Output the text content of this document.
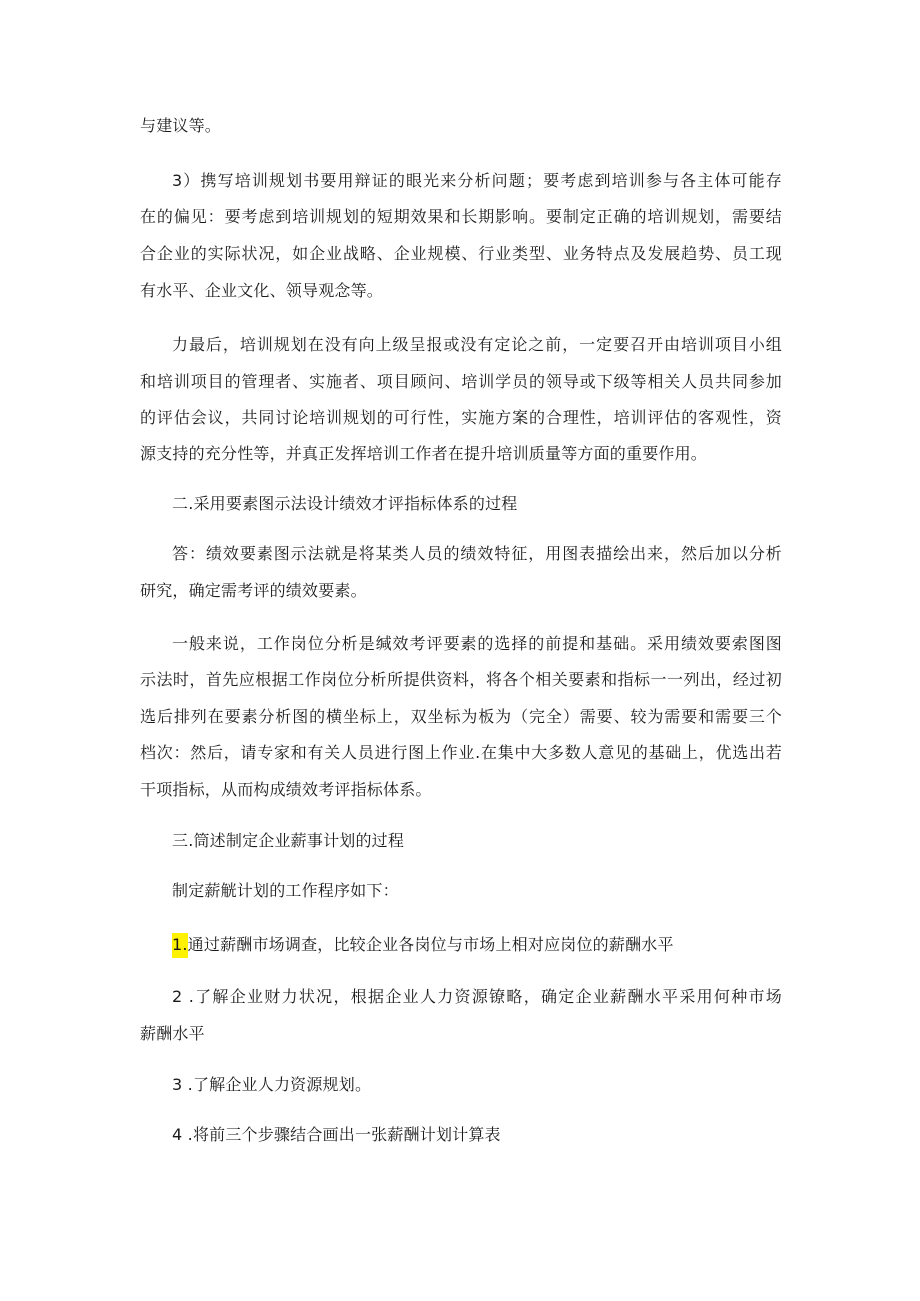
与建议等。
3）携写培训规划书要用辩证的眼光来分析问题；要考虑到培训参与各主体可能存
在的偏见：要考虑到培训规划的短期效果和长期影响。要制定正确的培训规划，需要结
合企业的实际状况，如企业战略、企业规模、行业类型、业务特点及发展趋势、员工现
有水平、企业文化、领导观念等。
力最后，培训规划在没有向上级呈报或没有定论之前，一定要召开由培训项目小组
和培训项目的管理者、实施者、项目顾问、培训学员的领导或下级等相关人员共同参加
的评估会议，共同讨论培训规划的可行性，实施方案的合理性，培训评估的客观性，资
源支持的充分性等，并真正发挥培训工作者在提升培训质量等方面的重要作用。
二.采用要素图示法设计绩效才评指标体系的过程
答：绩效要素图示法就是将某类人员的绩效特征，用图表描绘出来，然后加以分析
研究，确定需考评的绩效要素。
一般来说，工作岗位分析是缄效考评要素的选择的前提和基础。采用绩效要索图图
示法时，首先应根据工作岗位分析所提供资料，将各个相关要素和指标一一列出，经过初
选后排列在要素分析图的横坐标上，双坐标为板为（完全）需要、较为需要和需要三个
档次：然后，请专家和有关人员进行图上作业.在集中大多数人意见的基础上，优选出若
干项指标，从而构成绩效考评指标体系。
三.筒述制定企业薪事计划的过程
制定薪觥计划的工作程序如下：
1.通过薪酬市场调查，比较企业各岗位与市场上相对应岗位的薪酬水平
2 .了解企业财力状况，根据企业人力资源镣略，确定企业薪酬水平采用何种市场
薪酬水平
3 .了解企业人力资源规划。
4 .将前三个步骤结合画出一张薪酬计划计算表
